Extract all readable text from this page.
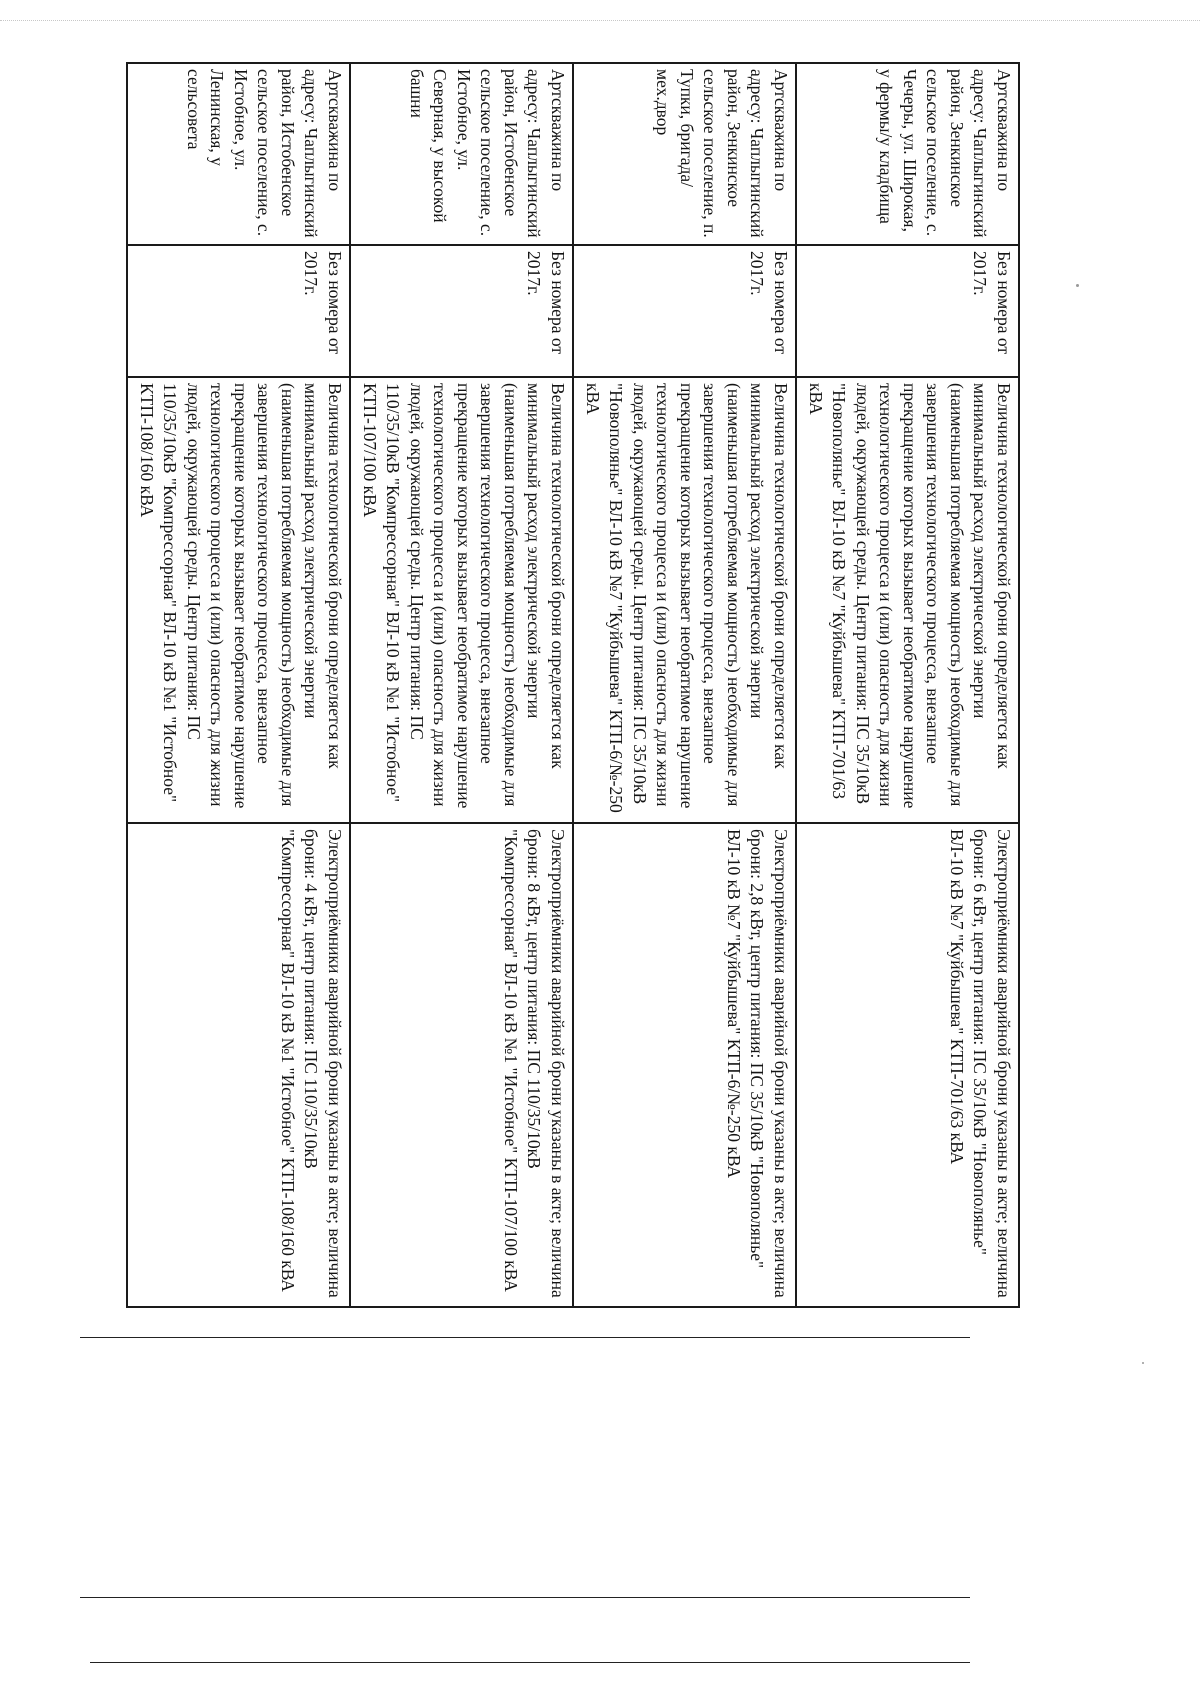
Артскважина по адресу: Чаплыгинский район, Зенкинское сельское поселение, с. Чечеры, ул. Широкая, у фермы/у кладбища	Без номера от 2017г.	Величина технологической брони определяется как минимальный расход электрической энергии (наименьшая потребляемая мощность) необходимые для завершения технологического процесса, внезапное прекращение которых вызывает необратимое нарушение технологического процесса и (или) опасность для жизни людей, окружающей среды. Центр питания: ПС 35/10кВ "Новополянье" ВЛ-10 кВ №7 "Куйбышева" КТП-701/63 кВА	Электроприёмники аварийной брони указаны в акте; величина брони: 6 кВт, центр питания: ПС 35/10кВ "Новополянье" ВЛ-10 кВ №7 "Куйбышева" КТП-701/63 кВА
Артскважина по адресу: Чаплыгинский район, Зенкинское сельское поселение, п. Тупки, бригада/мех.двор	Без номера от 2017г.	Величина технологической брони определяется как минимальный расход электрической энергии (наименьшая потребляемая мощность) необходимые для завершения технологического процесса, внезапное прекращение которых вызывает необратимое нарушение технологического процесса и (или) опасность для жизни людей, окружающей среды. Центр питания: ПС 35/10кВ "Новополянье" ВЛ-10 кВ №7 "Куйбышева" КТП-6/№-250 кВА	Электроприёмники аварийной брони указаны в акте; величина брони: 2,8 кВт, центр питания: ПС 35/10кВ "Новополянье" ВЛ-10 кВ №7 "Куйбышева" КТП-6/№-250 кВА
Артскважина по адресу: Чаплыгинский район, Истобенское сельское поселение, с. Истобное, ул. Северная, у высокой башни	Без номера от 2017г.	Величина технологической брони определяется как минимальный расход электрической энергии (наименьшая потребляемая мощность) необходимые для завершения технологического процесса, внезапное прекращение которых вызывает необратимое нарушение технологического процесса и (или) опасность для жизни людей, окружающей среды. Центр питания: ПС 110/35/10кВ "Компрессорная" ВЛ-10 кВ №1 "Истобное" КТП-107/100 кВА	Электроприёмники аварийной брони указаны в акте; величина брони: 8 кВт, центр питания: ПС 110/35/10кВ "Компрессорная" ВЛ-10 кВ №1 "Истобное" КТП-107/100 кВА
Артскважина по адресу: Чаплыгинский район, Истобенское сельское поселение, с. Истобное, ул. Ленинская, у сельсовета	Без номера от 2017г.	Величина технологической брони определяется как минимальный расход электрической энергии (наименьшая потребляемая мощность) необходимые для завершения технологического процесса, внезапное прекращение которых вызывает необратимое нарушение технологического процесса и (или) опасность для жизни людей, окружающей среды. Центр питания: ПС 110/35/10кВ "Компрессорная" ВЛ-10 кВ №1 "Истобное" КТП-108/160 кВА	Электроприёмники аварийной брони указаны в акте; величина брони: 4 кВт, центр питания: ПС 110/35/10кВ "Компрессорная" ВЛ-10 кВ №1 "Истобное" КТП-108/160 кВА
